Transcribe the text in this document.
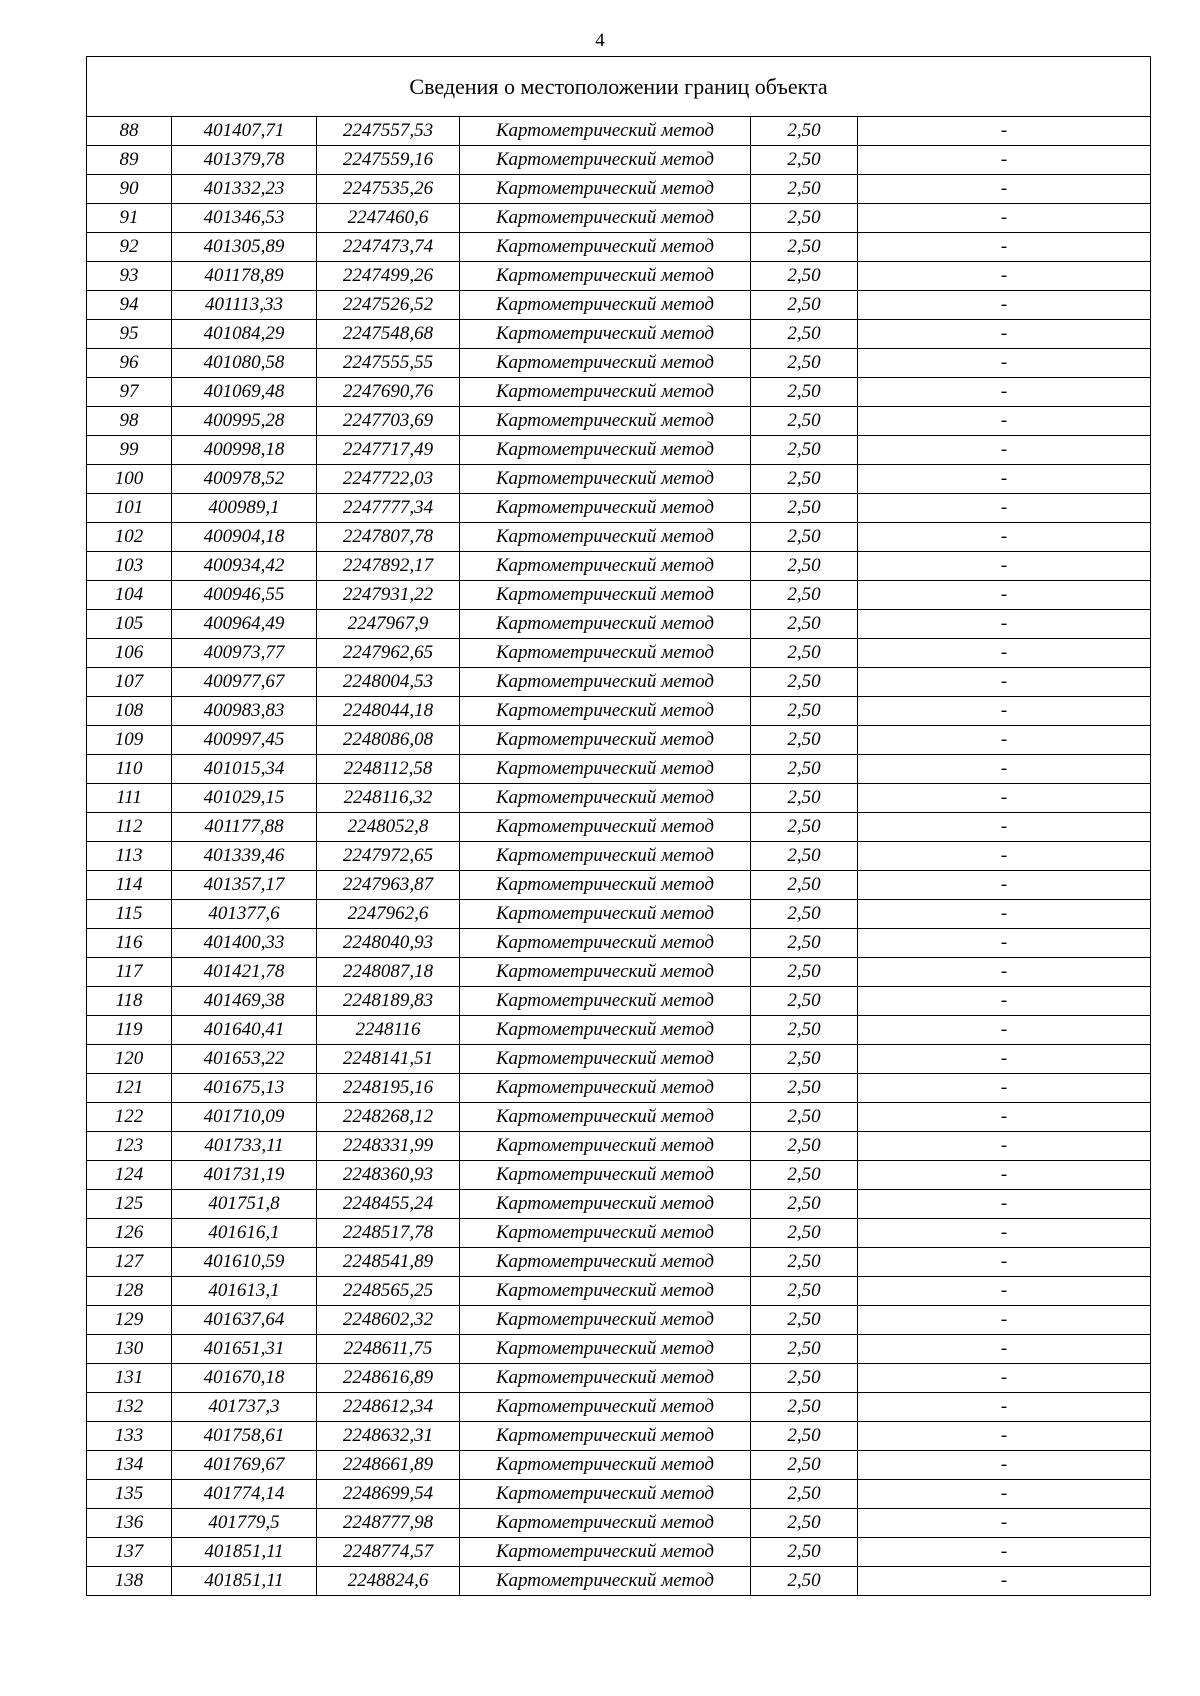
4
Сведения о местоположении границ объекта					
88	401407,71	2247557,53	Картометрический метод	2,50	-
89	401379,78	2247559,16	Картометрический метод	2,50	-
90	401332,23	2247535,26	Картометрический метод	2,50	-
91	401346,53	2247460,6	Картометрический метод	2,50	-
92	401305,89	2247473,74	Картометрический метод	2,50	-
93	401178,89	2247499,26	Картометрический метод	2,50	-
94	401113,33	2247526,52	Картометрический метод	2,50	-
95	401084,29	2247548,68	Картометрический метод	2,50	-
96	401080,58	2247555,55	Картометрический метод	2,50	-
97	401069,48	2247690,76	Картометрический метод	2,50	-
98	400995,28	2247703,69	Картометрический метод	2,50	-
99	400998,18	2247717,49	Картометрический метод	2,50	-
100	400978,52	2247722,03	Картометрический метод	2,50	-
101	400989,1	2247777,34	Картометрический метод	2,50	-
102	400904,18	2247807,78	Картометрический метод	2,50	-
103	400934,42	2247892,17	Картометрический метод	2,50	-
104	400946,55	2247931,22	Картометрический метод	2,50	-
105	400964,49	2247967,9	Картометрический метод	2,50	-
106	400973,77	2247962,65	Картометрический метод	2,50	-
107	400977,67	2248004,53	Картометрический метод	2,50	-
108	400983,83	2248044,18	Картометрический метод	2,50	-
109	400997,45	2248086,08	Картометрический метод	2,50	-
110	401015,34	2248112,58	Картометрический метод	2,50	-
111	401029,15	2248116,32	Картометрический метод	2,50	-
112	401177,88	2248052,8	Картометрический метод	2,50	-
113	401339,46	2247972,65	Картометрический метод	2,50	-
114	401357,17	2247963,87	Картометрический метод	2,50	-
115	401377,6	2247962,6	Картометрический метод	2,50	-
116	401400,33	2248040,93	Картометрический метод	2,50	-
117	401421,78	2248087,18	Картометрический метод	2,50	-
118	401469,38	2248189,83	Картометрический метод	2,50	-
119	401640,41	2248116	Картометрический метод	2,50	-
120	401653,22	2248141,51	Картометрический метод	2,50	-
121	401675,13	2248195,16	Картометрический метод	2,50	-
122	401710,09	2248268,12	Картометрический метод	2,50	-
123	401733,11	2248331,99	Картометрический метод	2,50	-
124	401731,19	2248360,93	Картометрический метод	2,50	-
125	401751,8	2248455,24	Картометрический метод	2,50	-
126	401616,1	2248517,78	Картометрический метод	2,50	-
127	401610,59	2248541,89	Картометрический метод	2,50	-
128	401613,1	2248565,25	Картометрический метод	2,50	-
129	401637,64	2248602,32	Картометрический метод	2,50	-
130	401651,31	2248611,75	Картометрический метод	2,50	-
131	401670,18	2248616,89	Картометрический метод	2,50	-
132	401737,3	2248612,34	Картометрический метод	2,50	-
133	401758,61	2248632,31	Картометрический метод	2,50	-
134	401769,67	2248661,89	Картометрический метод	2,50	-
135	401774,14	2248699,54	Картометрический метод	2,50	-
136	401779,5	2248777,98	Картометрический метод	2,50	-
137	401851,11	2248774,57	Картометрический метод	2,50	-
138	401851,11	2248824,6	Картометрический метод	2,50	-
